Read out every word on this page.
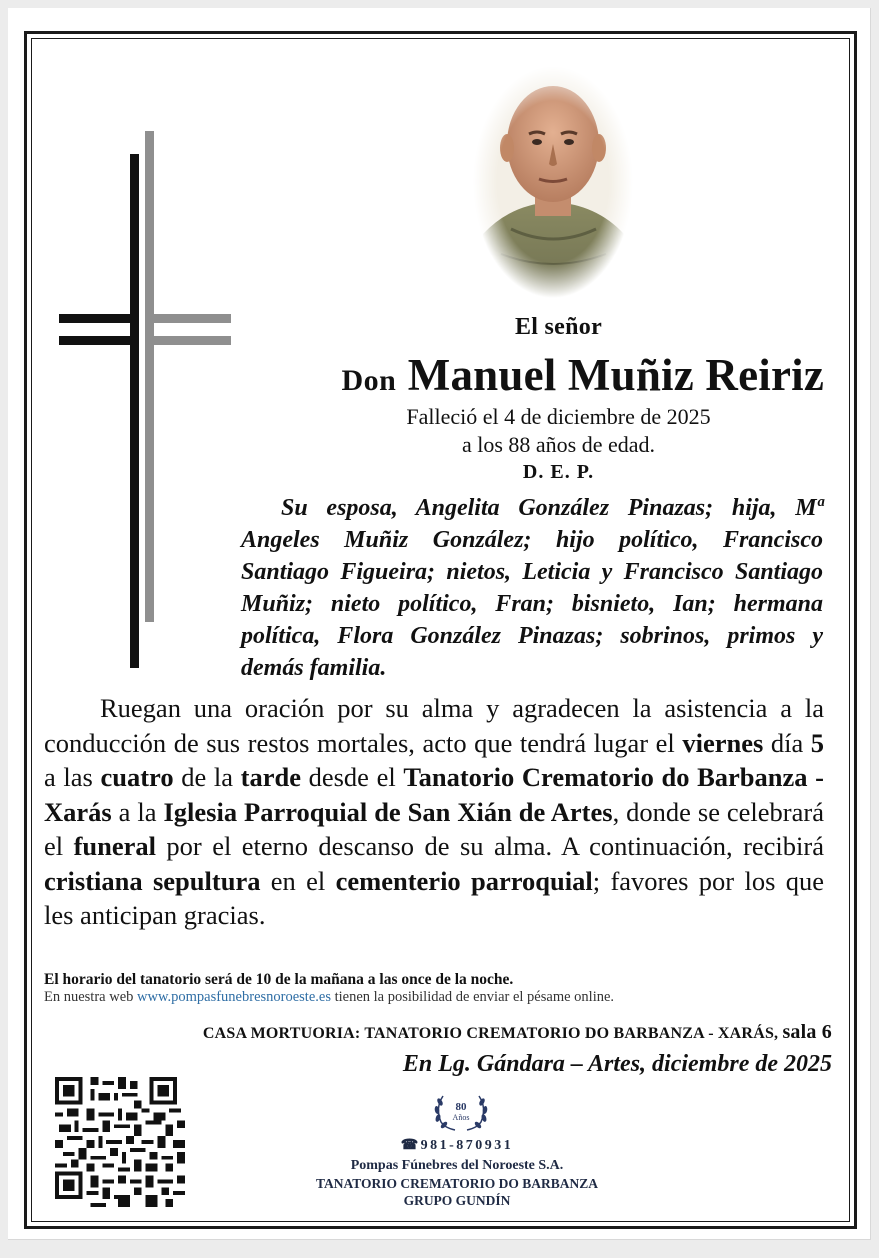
El señor
Don Manuel Muñiz Reiriz
Falleció el 4 de diciembre de 2025
a los 88 años de edad.
D. E. P.
Su esposa, Angelita González Pinazas; hija, Mª Angeles Muñiz González; hijo político, Francisco Santiago Figueira; nietos, Leticia y Francisco Santiago Muñiz; nieto político, Fran; bisnieto, Ian; hermana política, Flora González Pinazas; sobrinos, primos y demás familia.
Ruegan una oración por su alma y agradecen la asistencia a la conducción de sus restos mortales, acto que tendrá lugar el viernes día 5 a las cuatro de la tarde desde el Tanatorio Crematorio do Barbanza - Xarás a la Iglesia Parroquial de San Xián de Artes, donde se celebrará el funeral por el eterno descanso de su alma. A continuación, recibirá cristiana sepultura en el cementerio parroquial; favores por los que les anticipan gracias.
El horario del tanatorio será de 10 de la mañana a las once de la noche.
En nuestra web www.pompasfunebresnoroeste.es tienen la posibilidad de enviar el pésame online.
CASA MORTUORIA: TANATORIO CREMATORIO DO BARBANZA - XARÁS, sala 6
En Lg. Gándara – Artes, diciembre de 2025
80
Años
☎981-870931
Pompas Fúnebres del Noroeste S.A.
TANATORIO CREMATORIO DO BARBANZA
GRUPO GUNDÍN
